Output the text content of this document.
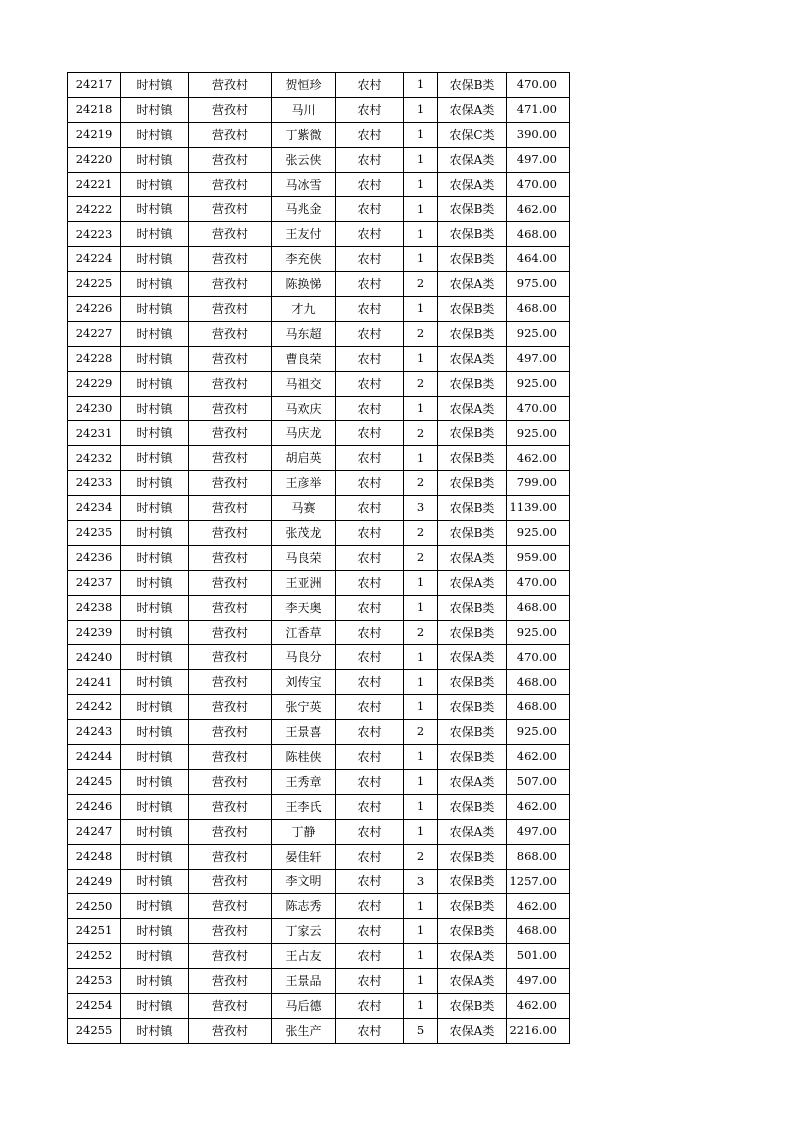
24217	时村镇	营孜村	贺恒珍	农村	1	农保B类	470.00
24218	时村镇	营孜村	马川	农村	1	农保A类	471.00
24219	时村镇	营孜村	丁紫微	农村	1	农保C类	390.00
24220	时村镇	营孜村	张云侠	农村	1	农保A类	497.00
24221	时村镇	营孜村	马冰雪	农村	1	农保A类	470.00
24222	时村镇	营孜村	马兆金	农村	1	农保B类	462.00
24223	时村镇	营孜村	王友付	农村	1	农保B类	468.00
24224	时村镇	营孜村	李充侠	农村	1	农保B类	464.00
24225	时村镇	营孜村	陈换悌	农村	2	农保A类	975.00
24226	时村镇	营孜村	才九	农村	1	农保B类	468.00
24227	时村镇	营孜村	马东超	农村	2	农保B类	925.00
24228	时村镇	营孜村	曹良荣	农村	1	农保A类	497.00
24229	时村镇	营孜村	马祖交	农村	2	农保B类	925.00
24230	时村镇	营孜村	马欢庆	农村	1	农保A类	470.00
24231	时村镇	营孜村	马庆龙	农村	2	农保B类	925.00
24232	时村镇	营孜村	胡启英	农村	1	农保B类	462.00
24233	时村镇	营孜村	王彦举	农村	2	农保B类	799.00
24234	时村镇	营孜村	马赛	农村	3	农保B类	1139.00
24235	时村镇	营孜村	张茂龙	农村	2	农保B类	925.00
24236	时村镇	营孜村	马良荣	农村	2	农保A类	959.00
24237	时村镇	营孜村	王亚洲	农村	1	农保A类	470.00
24238	时村镇	营孜村	李天奥	农村	1	农保B类	468.00
24239	时村镇	营孜村	江香草	农村	2	农保B类	925.00
24240	时村镇	营孜村	马良分	农村	1	农保A类	470.00
24241	时村镇	营孜村	刘传宝	农村	1	农保B类	468.00
24242	时村镇	营孜村	张宁英	农村	1	农保B类	468.00
24243	时村镇	营孜村	王景喜	农村	2	农保B类	925.00
24244	时村镇	营孜村	陈桂侠	农村	1	农保B类	462.00
24245	时村镇	营孜村	王秀章	农村	1	农保A类	507.00
24246	时村镇	营孜村	王李氏	农村	1	农保B类	462.00
24247	时村镇	营孜村	丁静	农村	1	农保A类	497.00
24248	时村镇	营孜村	晏佳轩	农村	2	农保B类	868.00
24249	时村镇	营孜村	李文明	农村	3	农保B类	1257.00
24250	时村镇	营孜村	陈志秀	农村	1	农保B类	462.00
24251	时村镇	营孜村	丁家云	农村	1	农保B类	468.00
24252	时村镇	营孜村	王占友	农村	1	农保A类	501.00
24253	时村镇	营孜村	王景品	农村	1	农保A类	497.00
24254	时村镇	营孜村	马后德	农村	1	农保B类	462.00
24255	时村镇	营孜村	张生产	农村	5	农保A类	2216.00
